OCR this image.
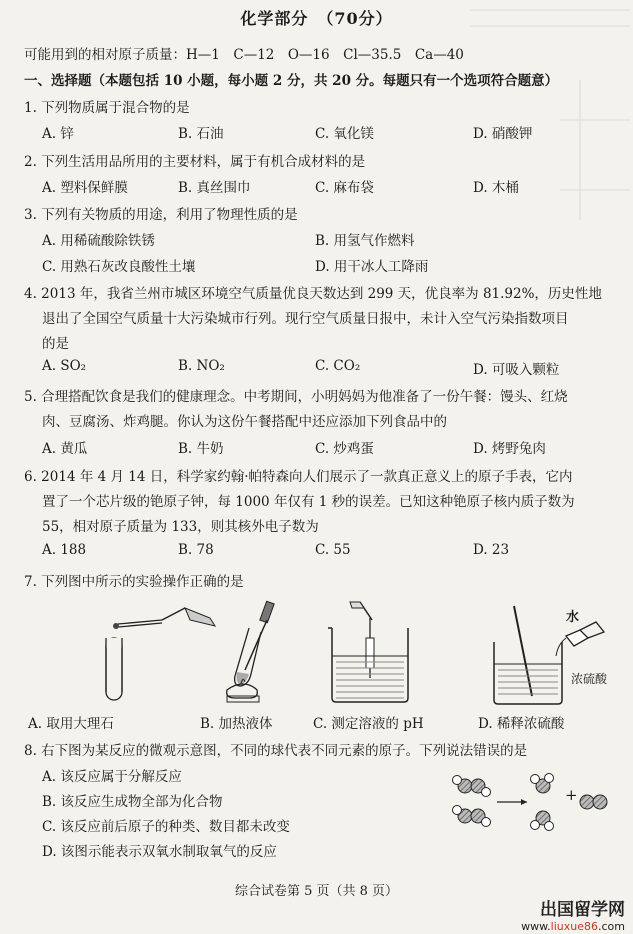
化学部分　（70分）
可能用到的相对原子质量：H—1　C—12　O—16　Cl—35.5　Ca—40
一、选择题（本题包括 10 小题，每小题 2 分，共 20 分。每题只有一个选项符合题意）
1. 下列物质属于混合物的是
A. 锌	B. 石油	C. 氧化镁	D. 硝酸钾
2. 下列生活用品所用的主要材料，属于有机合成材料的是
A. 塑料保鲜膜	B. 真丝围巾	C. 麻布袋	D. 木桶
3. 下列有关物质的用途，利用了物理性质的是
A. 用稀硫酸除铁锈	B. 用氢气作燃料
C. 用熟石灰改良酸性土壤	D. 用干冰人工降雨
4. 2013 年，我省兰州市城区环境空气质量优良天数达到 299 天，优良率为 81.92%，历史性地
退出了全国空气质量十大污染城市行列。现行空气质量日报中，未计入空气污染指数项目
的是
A. SO₂	B. NO₂	C. CO₂	D. 可吸入颗粒
5. 合理搭配饮食是我们的健康理念。中考期间，小明妈妈为他准备了一份午餐：馒头、红烧
肉、豆腐汤、炸鸡腿。你认为这份午餐搭配中还应添加下列食品中的
A. 黄瓜	B. 牛奶	C. 炒鸡蛋	D. 烤野兔肉
6. 2014 年 4 月 14 日，科学家约翰·帕特森向人们展示了一款真正意义上的原子手表，它内
置了一个芯片级的铯原子钟，每 1000 年仅有 1 秒的误差。已知这种铯原子核内质子数为
55，相对原子质量为 133，则其核外电子数为
A. 188	B. 78	C. 55	D. 23
7. 下列图中所示的实验操作正确的是
水
浓硫酸
A. 取用大理石	B. 加热液体	C. 测定溶液的 pH	D. 稀释浓硫酸
8. 右下图为某反应的微观示意图，不同的球代表不同元素的原子。下列说法错误的是
A. 该反应属于分解反应
B. 该反应生成物全部为化合物
C. 该反应前后原子的种类、数目都未改变
D. 该图示能表示双氧水制取氧气的反应
+
综合试卷第 5 页（共 8 页）
出国留学网
www.liuxue86.com
